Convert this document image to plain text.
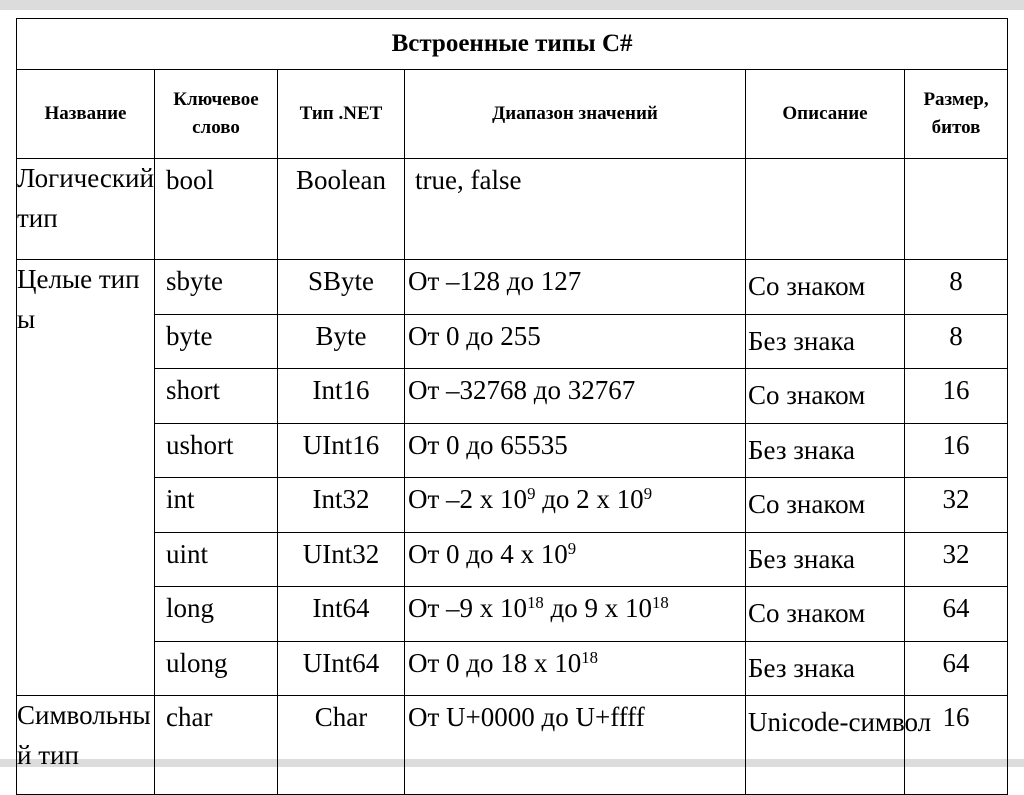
Встроенные типы C#					
Название	Ключевое слово	Тип .NET	Диапазон значений	Описание	Размер, битов
Логический тип	bool	Boolean	true, false		
Целые типы	sbyte	SByte	От –128 до 127	Со знаком	8
	byte	Byte	От 0 до 255	Без знака	8
	short	Int16	От –32768 до 32767	Со знаком	16
	ushort	UInt16	От 0 до 65535	Без знака	16
	int	Int32	От –2 x $10^9$ до 2 x $10^9$	Со знаком	32
	uint	UInt32	От 0 до 4 x $10^9$	Без знака	32
	long	Int64	От –9 x $10^{18}$ до 9 x $10^{18}$	Со знаком	64
	ulong	UInt64	От 0 до 18 x $10^{18}$	Без знака	64
Символьный тип	char	Char	От U+0000 до U+ffff	Unicode-символ	16
